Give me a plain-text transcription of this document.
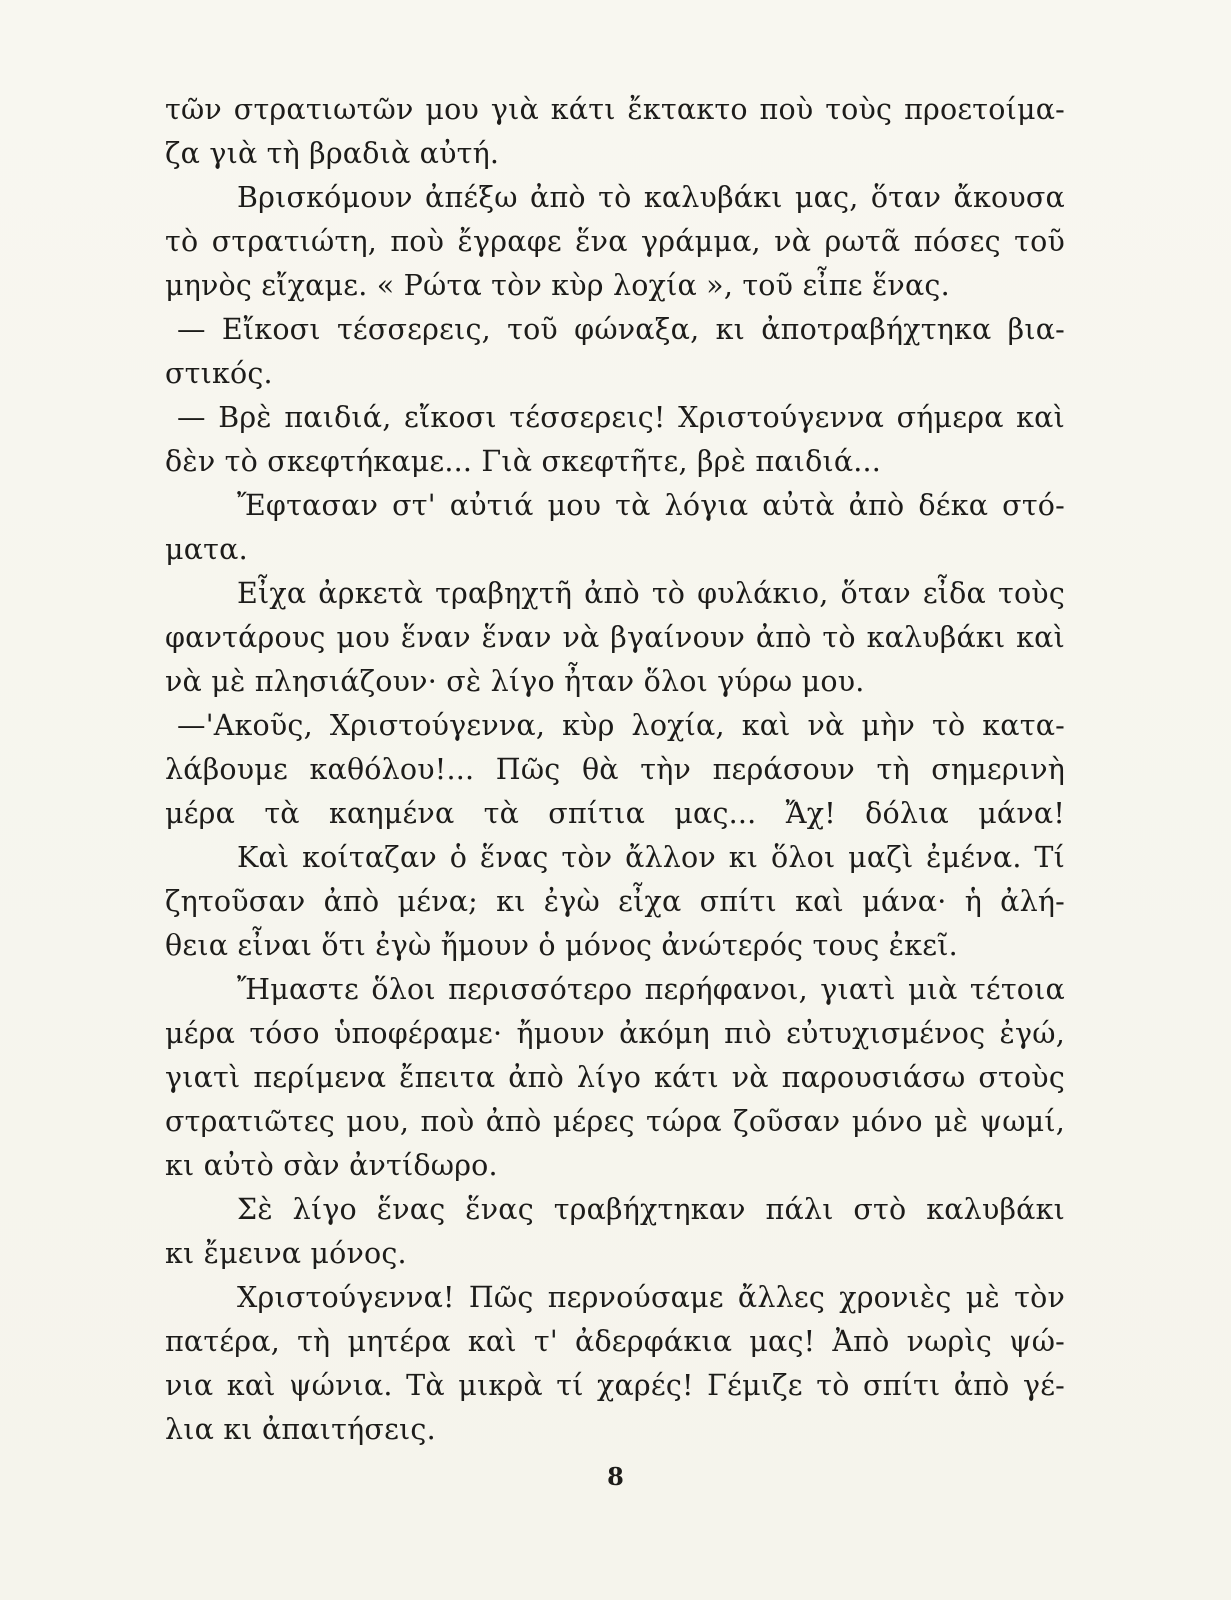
τῶν στρατιωτῶν μου γιὰ κάτι ἔκτακτο ποὺ τοὺς προετοίμα-
ζα γιὰ τὴ βραδιὰ αὐτή.
Βρισκόμουν ἀπέξω ἀπὸ τὸ καλυβάκι μας, ὅταν ἄκουσα
τὸ στρατιώτη, ποὺ ἔγραφε ἕνα γράμμα, νὰ ρωτᾶ πόσες τοῦ
μηνὸς εἴχαμε. « Ρώτα τὸν κὺρ λοχία », τοῦ εἶπε ἕνας.
— Εἴκοσι τέσσερεις, τοῦ φώναξα, κι ἀποτραβήχτηκα βια-
στικός.
— Βρὲ παιδιά, εἴκοσι τέσσερεις! Χριστούγεννα σήμερα καὶ
δὲν τὸ σκεφτήκαμε... Γιὰ σκεφτῆτε, βρὲ παιδιά...
Ἔφτασαν στ' αὐτιά μου τὰ λόγια αὐτὰ ἀπὸ δέκα στό-
ματα.
Εἶχα ἀρκετὰ τραβηχτῆ ἀπὸ τὸ φυλάκιο, ὅταν εἶδα τοὺς
φαντάρους μου ἕναν ἕναν νὰ βγαίνουν ἀπὸ τὸ καλυβάκι καὶ
νὰ μὲ πλησιάζουν· σὲ λίγο ἦταν ὅλοι γύρω μου.
—'Ακοῦς, Χριστούγεννα, κὺρ λοχία, καὶ νὰ μὴν τὸ κατα-
λάβουμε καθόλου!... Πῶς θὰ τὴν περάσουν τὴ σημερινὴ
μέρα τὰ καημένα τὰ σπίτια μας... Ἄχ! δόλια μάνα!
Καὶ κοίταζαν ὁ ἕνας τὸν ἄλλον κι ὅλοι μαζὶ ἐμένα. Τί
ζητοῦσαν ἀπὸ μένα; κι ἐγὼ εἶχα σπίτι καὶ μάνα· ἡ ἀλή-
θεια εἶναι ὅτι ἐγὼ ἤμουν ὁ μόνος ἀνώτερός τους ἐκεῖ.
Ἤμαστε ὅλοι περισσότερο περήφανοι, γιατὶ μιὰ τέτοια
μέρα τόσο ὑποφέραμε· ἤμουν ἀκόμη πιὸ εὐτυχισμένος ἐγώ,
γιατὶ περίμενα ἔπειτα ἀπὸ λίγο κάτι νὰ παρουσιάσω στοὺς
στρατιῶτες μου, ποὺ ἀπὸ μέρες τώρα ζοῦσαν μόνο μὲ ψωμί,
κι αὐτὸ σὰν ἀντίδωρο.
Σὲ λίγο ἕνας ἕνας τραβήχτηκαν πάλι στὸ καλυβάκι
κι ἔμεινα μόνος.
Χριστούγεννα! Πῶς περνούσαμε ἄλλες χρονιὲς μὲ τὸν
πατέρα, τὴ μητέρα καὶ τ' ἀδερφάκια μας! Ἀπὸ νωρὶς ψώ-
νια καὶ ψώνια. Τὰ μικρὰ τί χαρές! Γέμιζε τὸ σπίτι ἀπὸ γέ-
λια κι ἀπαιτήσεις.
8
